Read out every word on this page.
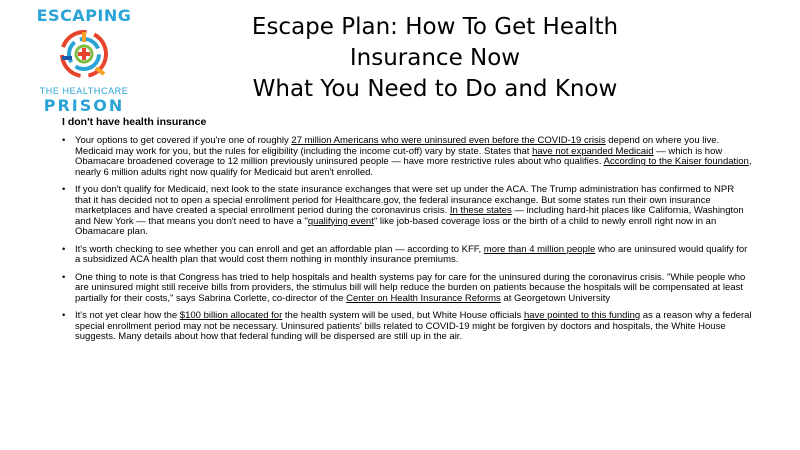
ESCAPING
THE HEALTHCARE
PRISON
Escape Plan: How To Get Health
Insurance Now
What You Need to Do and Know
I don't have health insurance
• Your options to get covered if you're one of roughly 27 million Americans who were uninsured even before the COVID-19 crisis depend on where you live. Medicaid may work for you, but the rules for eligibility (including the income cut-off) vary by state. States that have not expanded Medicaid — which is how Obamacare broadened coverage to 12 million previously uninsured people — have more restrictive rules about who qualifies. According to the Kaiser foundation, nearly 6 million adults right now qualify for Medicaid but aren't enrolled.
• If you don't qualify for Medicaid, next look to the state insurance exchanges that were set up under the ACA. The Trump administration has confirmed to NPR that it has decided not to open a special enrollment period for Healthcare.gov, the federal insurance exchange. But some states run their own insurance marketplaces and have created a special enrollment period during the coronavirus crisis. In these states — including hard-hit places like California, Washington and New York — that means you don't need to have a "qualifying event" like job-based coverage loss or the birth of a child to newly enroll right now in an Obamacare plan.
• It's worth checking to see whether you can enroll and get an affordable plan — according to KFF, more than 4 million people who are uninsured would qualify for a subsidized ACA health plan that would cost them nothing in monthly insurance premiums.
• One thing to note is that Congress has tried to help hospitals and health systems pay for care for the uninsured during the coronavirus crisis. "While people who are uninsured might still receive bills from providers, the stimulus bill will help reduce the burden on patients because the hospitals will be compensated at least partially for their costs," says Sabrina Corlette, co-director of the Center on Health Insurance Reforms at Georgetown University
• It's not yet clear how the $100 billion allocated for the health system will be used, but White House officials have pointed to this funding as a reason why a federal special enrollment period may not be necessary. Uninsured patients' bills related to COVID-19 might be forgiven by doctors and hospitals, the White House suggests. Many details about how that federal funding will be dispersed are still up in the air.
